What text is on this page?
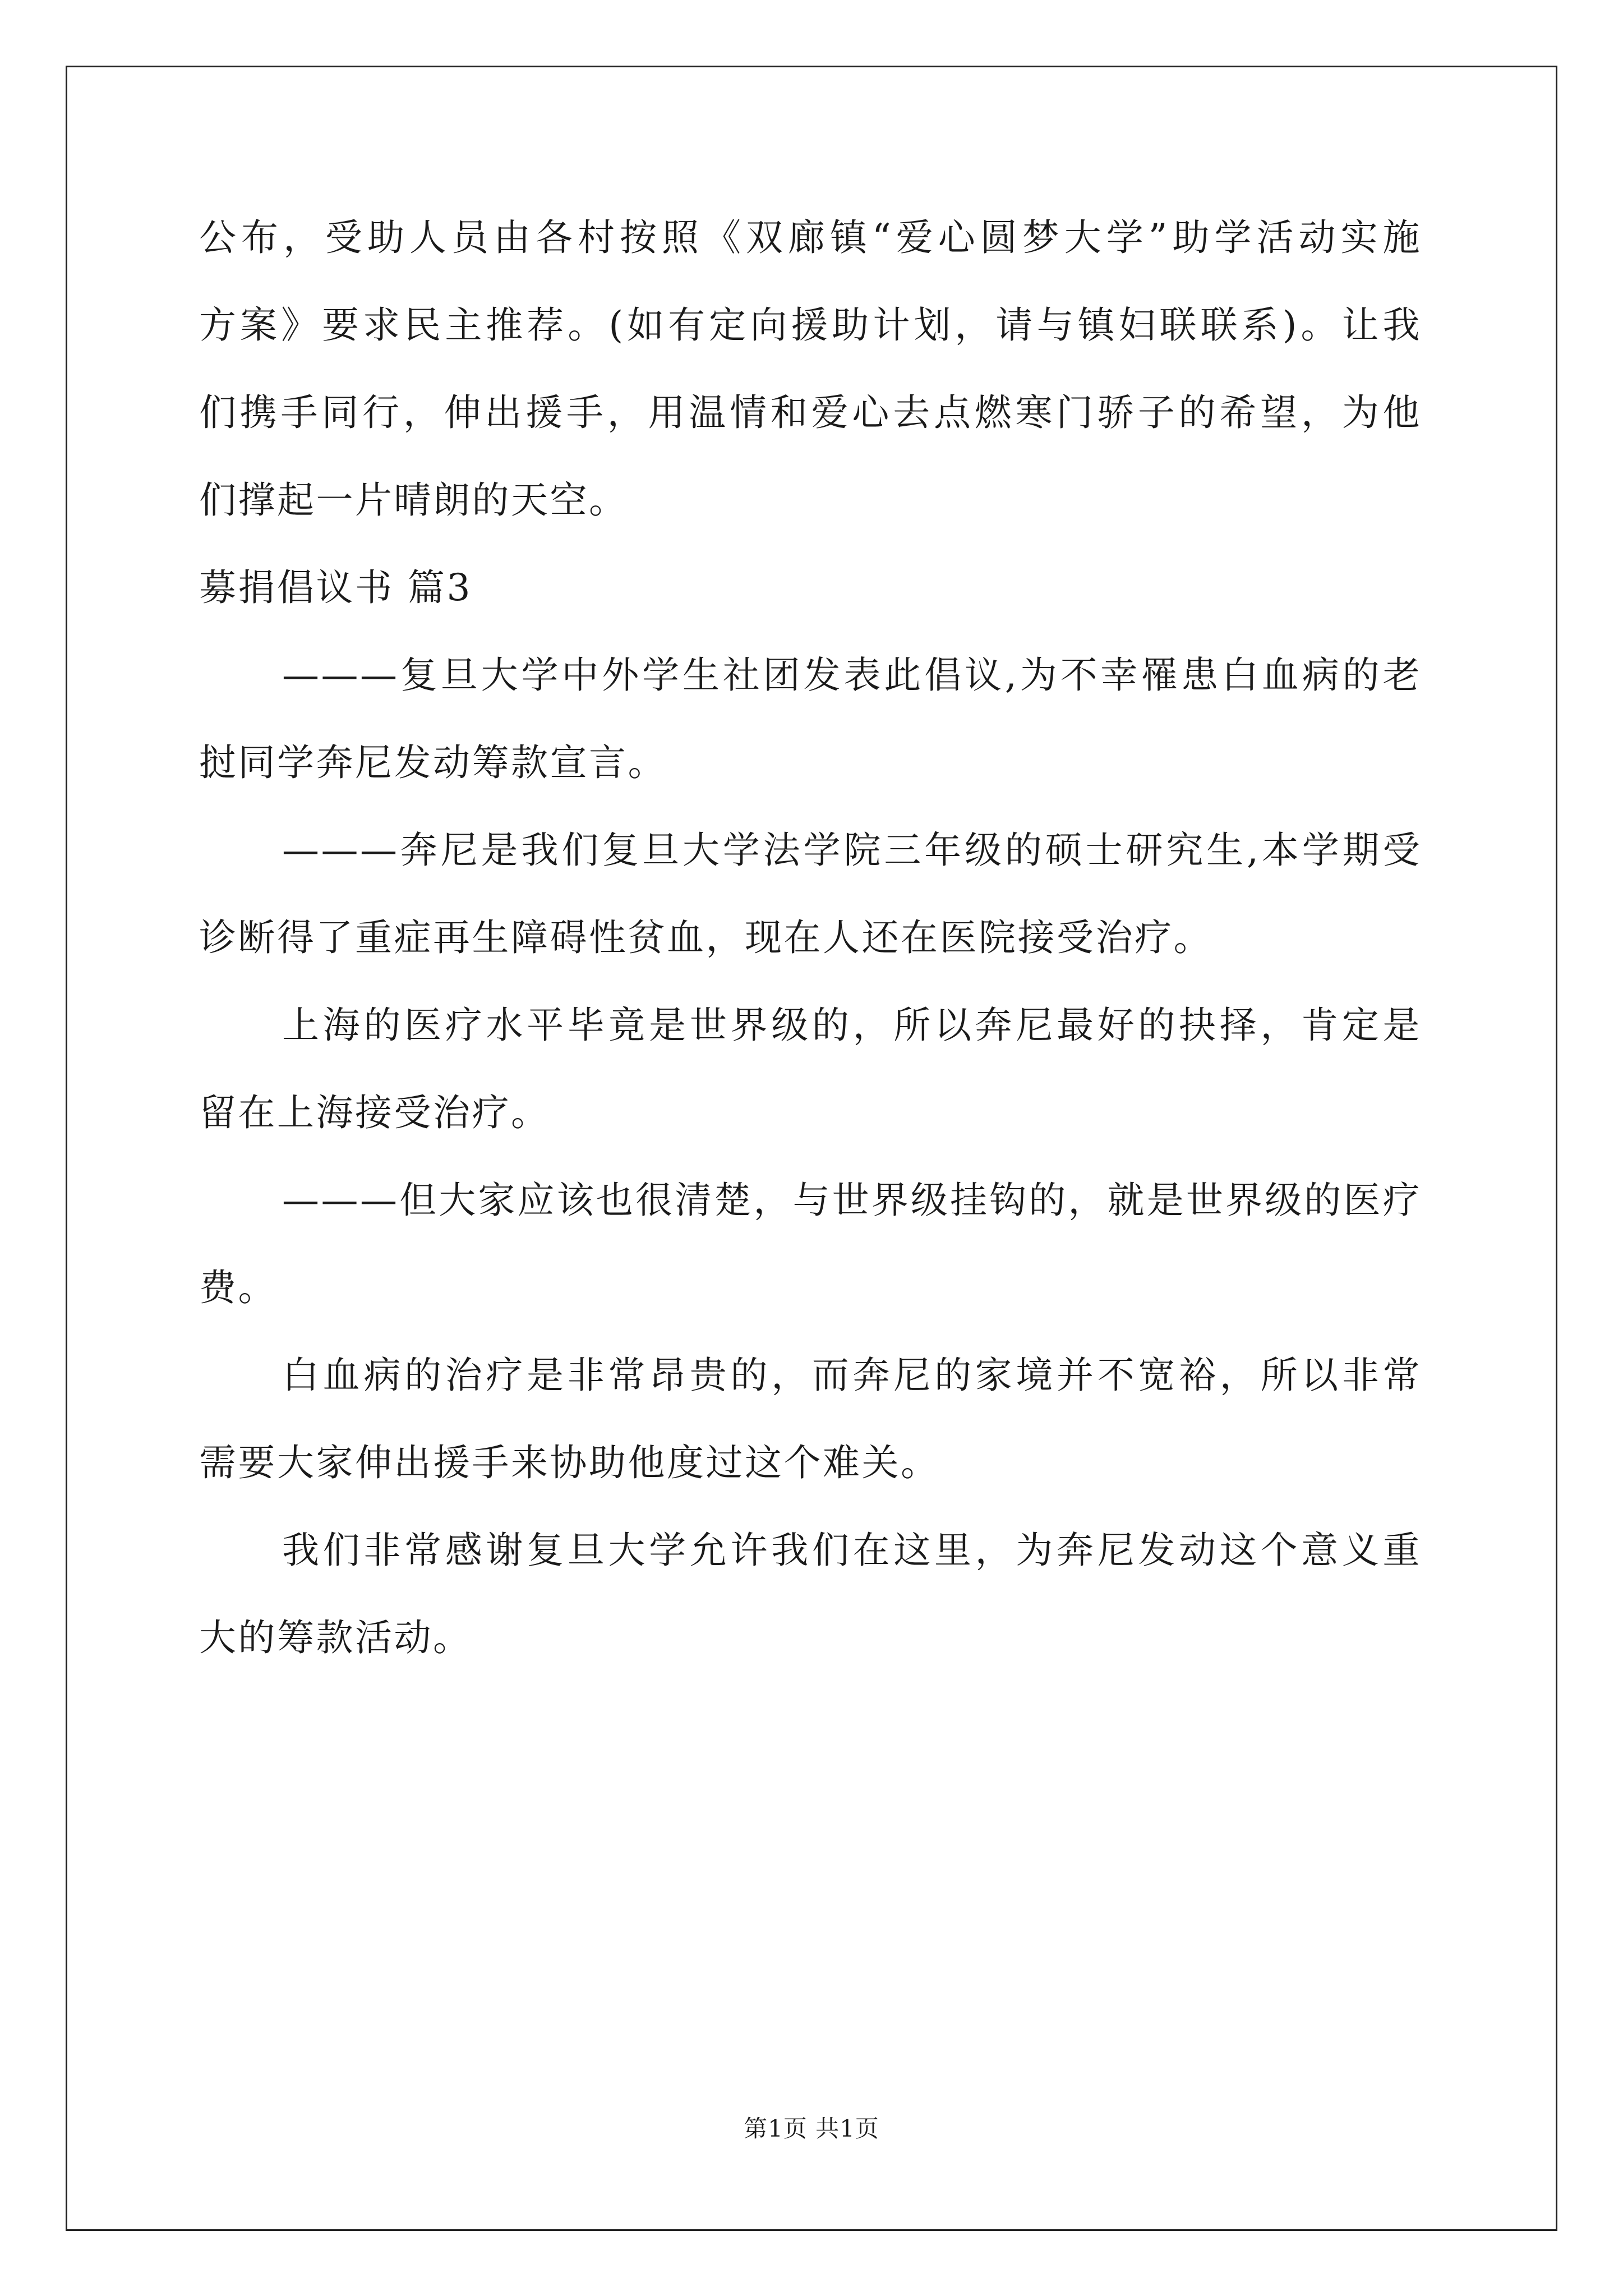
公布，受助人员由各村按照《双廊镇“爱心圆梦大学”助学活动实施
方案》要求民主推荐。(如有定向援助计划，请与镇妇联联系)。让我
们携手同行，伸出援手，用温情和爱心去点燃寒门骄子的希望，为他
们撑起一片晴朗的天空。
募捐倡议书 篇3
———复旦大学中外学生社团发表此倡议,为不幸罹患白血病的老
挝同学奔尼发动筹款宣言。
———奔尼是我们复旦大学法学院三年级的硕士研究生,本学期受
诊断得了重症再生障碍性贫血，现在人还在医院接受治疗。
上海的医疗水平毕竟是世界级的，所以奔尼最好的抉择，肯定是
留在上海接受治疗。
———但大家应该也很清楚，与世界级挂钩的，就是世界级的医疗
费。
白血病的治疗是非常昂贵的，而奔尼的家境并不宽裕，所以非常
需要大家伸出援手来协助他度过这个难关。
我们非常感谢复旦大学允许我们在这里，为奔尼发动这个意义重
大的筹款活动。
第1页 共1页
